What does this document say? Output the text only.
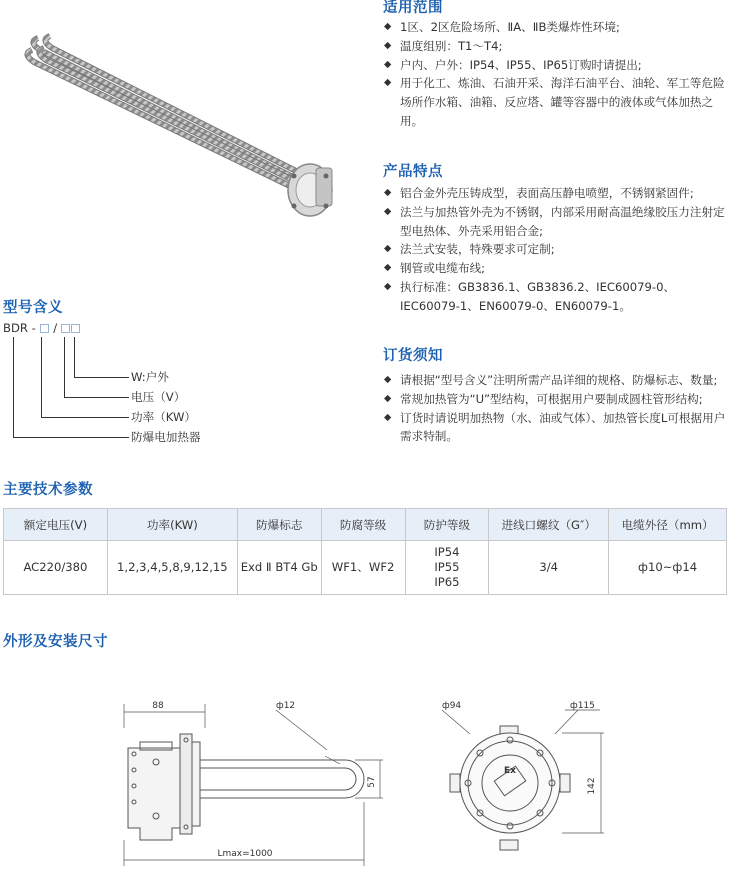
适用范围
◆ 1区、2区危险场所、ⅡA、ⅡB类爆炸性环境;
◆ 温度组别：T1～T4;
◆ 户内、户外：IP54、IP55、IP65订购时请提出;
◆ 用于化工、炼油、石油开采、海洋石油平台、油轮、军工等危险场所作水箱、油箱、反应塔、罐等容器中的液体或气体加热之用。
产品特点
◆ 铝合金外壳压铸成型，表面高压静电喷塑，不锈钢紧固件;
◆ 法兰与加热管外壳为不锈钢，内部采用耐高温绝缘胶压力注射定型电热体、外壳采用铝合金;
◆ 法兰式安装，特殊要求可定制;
◆ 钢管或电缆布线;
◆ 执行标准：GB3836.1、GB3836.2、IEC60079-0、IEC60079-1、EN60079-0、EN60079-1。
订货须知
◆ 请根据“型号含义”注明所需产品详细的规格、防爆标志、数量;
◆ 常规加热管为“U”型结构，可根据用户要制成圆柱管形结构;
◆ 订货时请说明加热物（水、油或气体）、加热管长度L可根据用户需求特制。
型号含义
BDR - /
W:户外
电压（V）
功率（KW）
防爆电加热器
主要技术参数
额定电压(V)	功率(KW)	防爆标志	防腐等级	防护等级	进线口螺纹（G″）	电缆外径（mm）
AC220/380	1,2,3,4,5,8,9,12,15	Exd Ⅱ BT4 Gb	WF1、WF2	IP54
IP55
IP65	3/4	ф10~ф14
外形及安装尺寸
88	ф12
57
Lmax=1000
Ex
ф94	ф115
142
